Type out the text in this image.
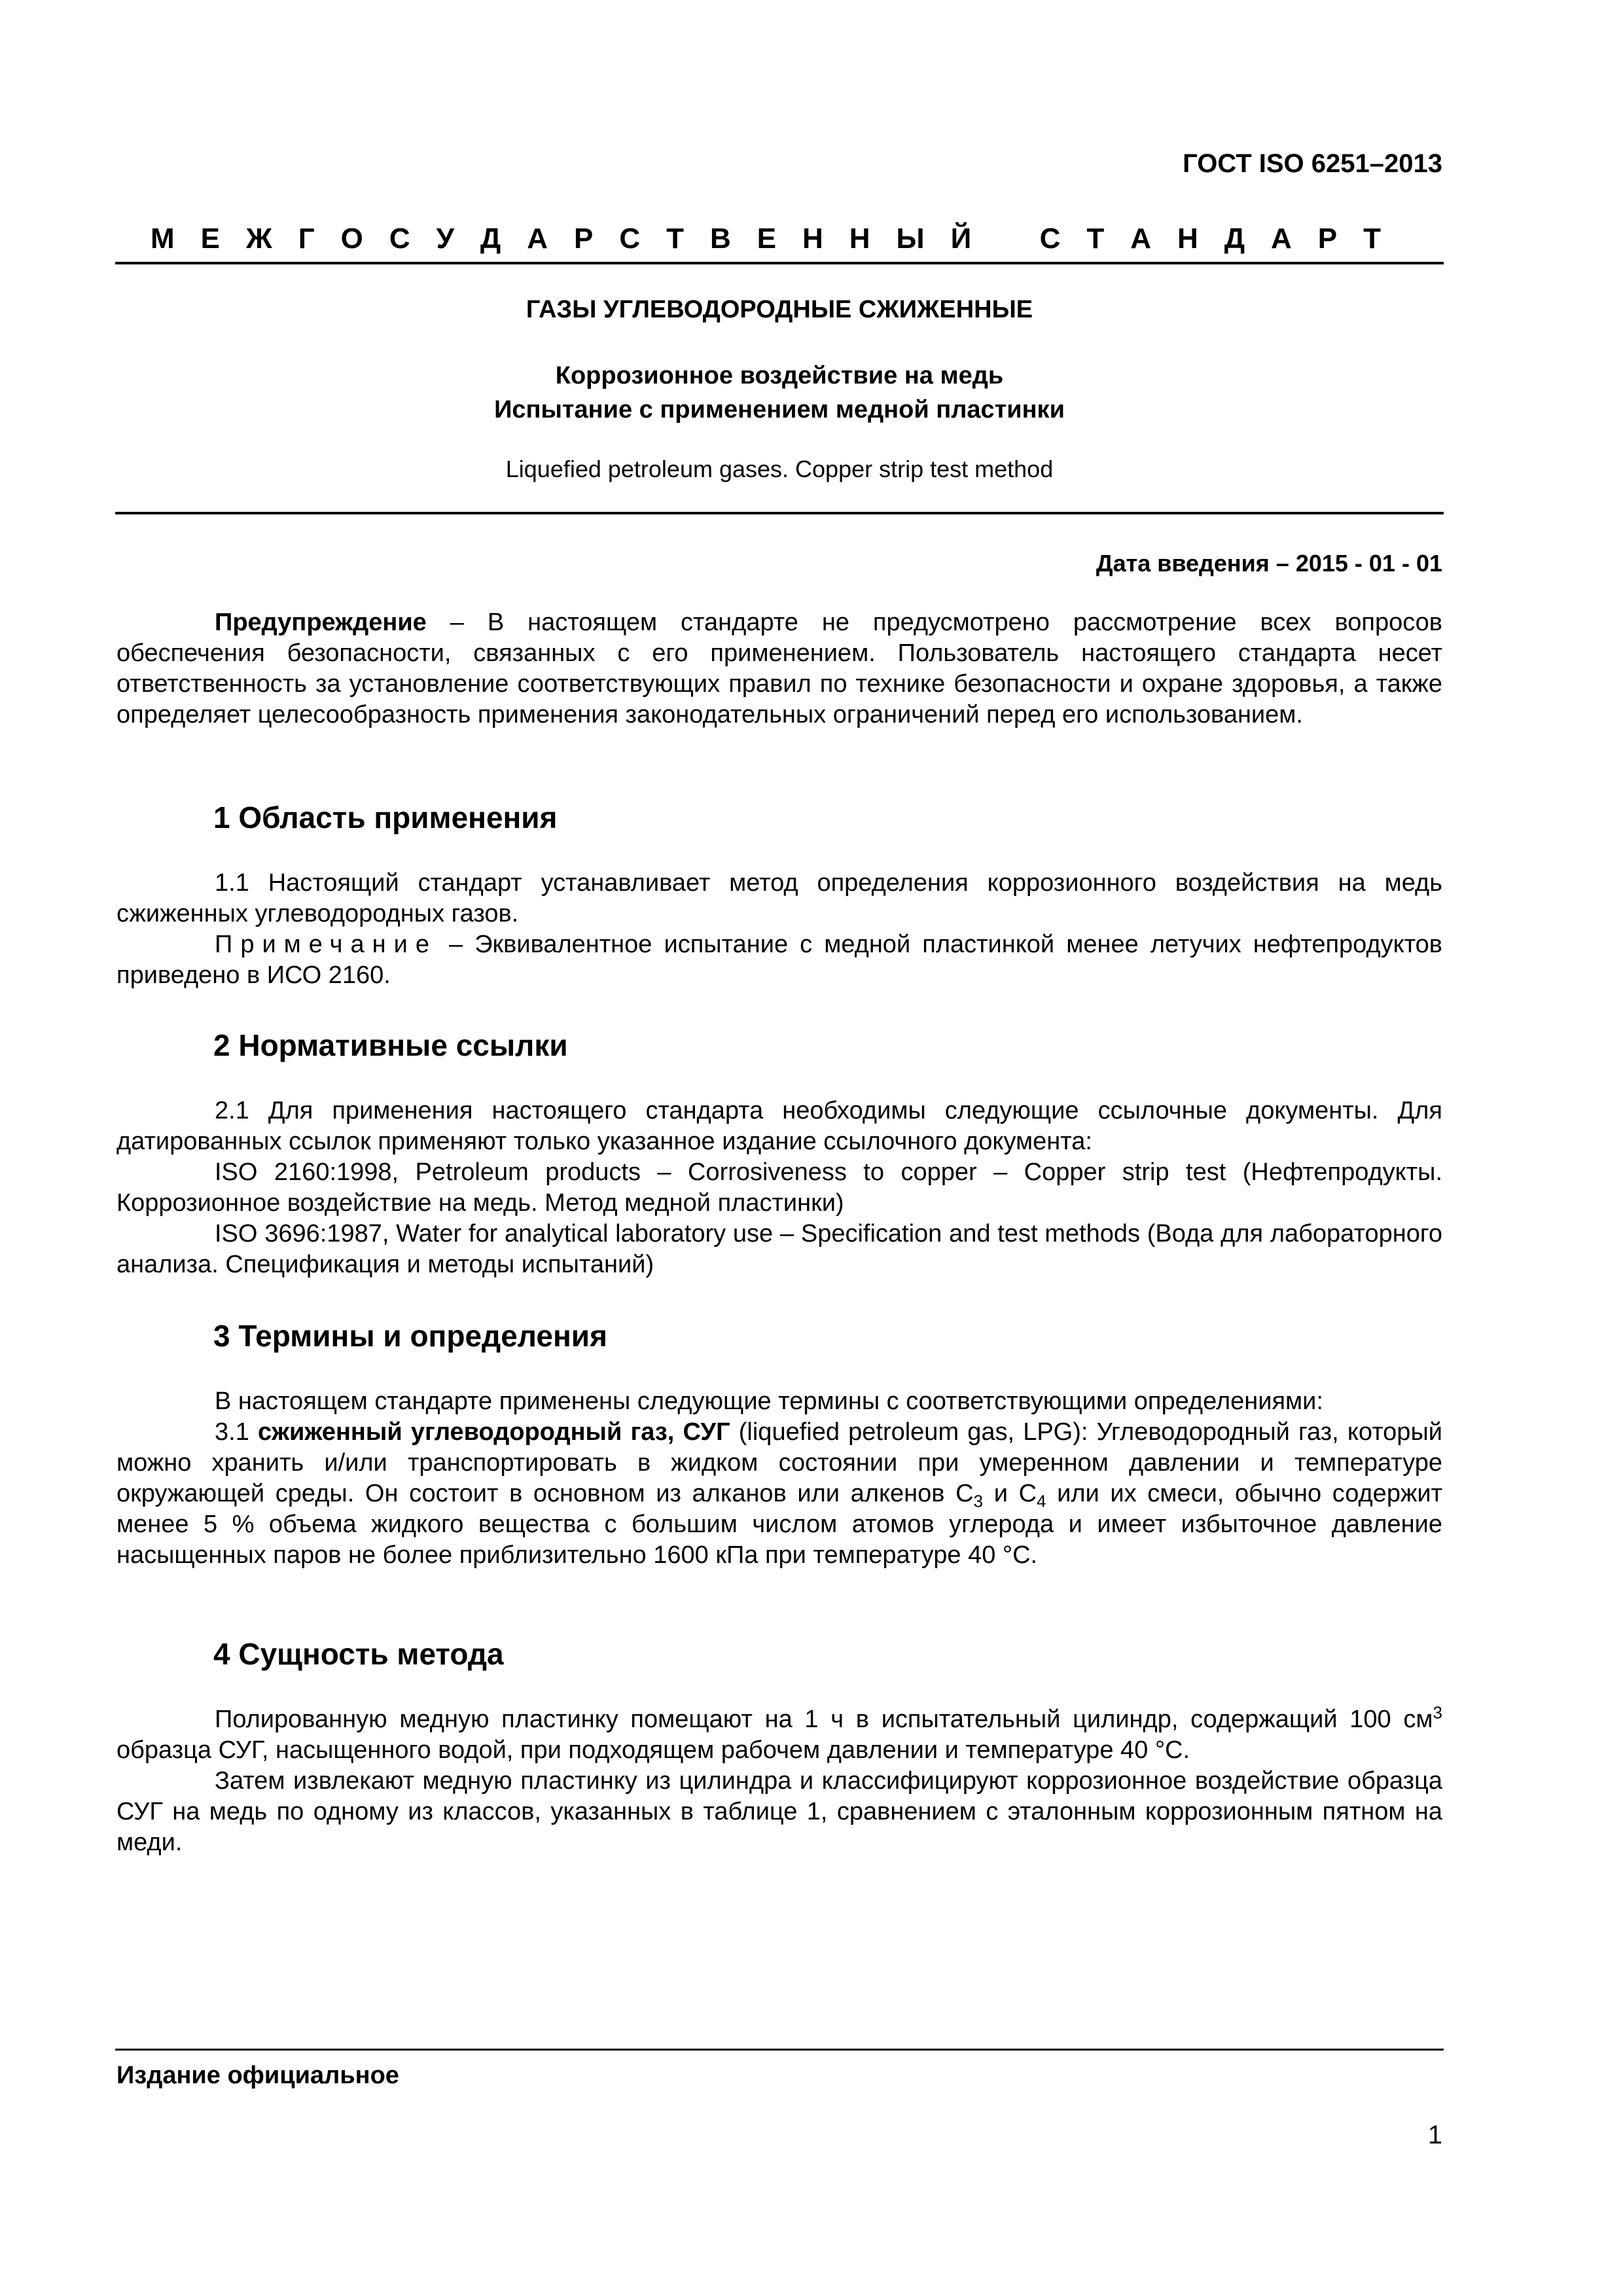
ГОСТ ISO 6251–2013
М Е Ж Г О С У Д А Р С Т В Е Н Н Ы Й
С Т А Н Д А Р Т
ГАЗЫ УГЛЕВОДОРОДНЫЕ СЖИЖЕННЫЕ
Коррозионное воздействие на медь
Испытание с применением медной пластинки
Liquefied petroleum gases. Copper strip test method
Дата введения – 2015 - 01 - 01

Предупреждение – В настоящем стандарте не предусмотрено рассмотрение всех вопросов обеспечения безопасности, связанных с его применением. Пользователь настоящего стандарта несет ответственность за установление соответствующих правил по технике безопасности и охране здоровья, а также определяет целесообразность применения законодательных ограничений перед его использованием.

1 Область применения

1.1 Настоящий стандарт устанавливает метод определения коррозионного воздействия на медь сжиженных углеводородных газов.

Примечание – Эквивалентное испытание с медной пластинкой менее летучих нефтепродуктов приведено в ИСО 2160.

2 Нормативные ссылки

2.1 Для применения настоящего стандарта необходимы следующие ссылочные документы. Для датированных ссылок применяют только указанное издание ссылочного документа:

ISO 2160:1998, Petroleum products – Corrosiveness to copper – Copper strip test (Нефтепродукты. Коррозионное воздействие на медь. Метод медной пластинки)

ISO 3696:1987, Water for analytical laboratory use – Specification and test methods (Вода для лабораторного анализа. Спецификация и методы испытаний)

3 Термины и определения

В настоящем стандарте применены следующие термины с соответствующими определениями:

3.1 сжиженный углеводородный газ, СУГ (liquefied petroleum gas, LPG): Углеводородный газ, который можно хранить и/или транспортировать в жидком состоянии при умеренном давлении и температуре окружающей среды. Он состоит в основном из алканов или алкенов $C_3$ и $C_4$ или их смеси, обычно содержит менее 5 % объема жидкого вещества с большим числом атомов углерода и имеет избыточное давление насыщенных паров не более приблизительно 1600 кПа при температуре 40 °C.

4 Сущность метода

Полированную медную пластинку помещают на 1 ч в испытательный цилиндр, содержащий 100 $см^3$ образца СУГ, насыщенного водой, при подходящем рабочем давлении и температуре 40 °C.

Затем извлекают медную пластинку из цилиндра и классифицируют коррозионное воздействие образца СУГ на медь по одному из классов, указанных в таблице 1, сравнением с эталонным коррозионным пятном на меди.

Издание официальное
1
